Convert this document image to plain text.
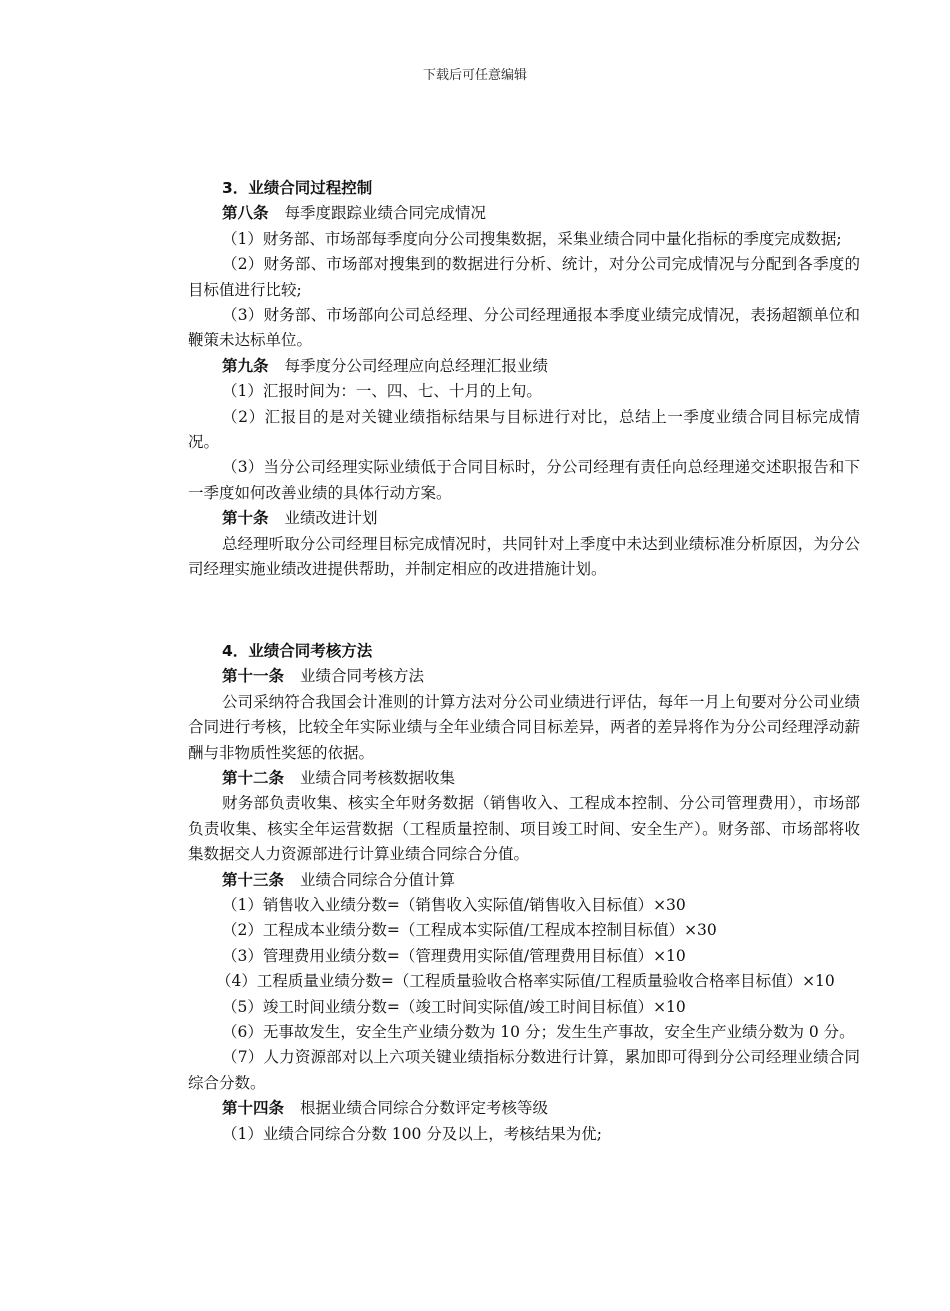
下载后可任意编辑

3．业绩合同过程控制

第八条 每季度跟踪业绩合同完成情况

（1）财务部、市场部每季度向分公司搜集数据，采集业绩合同中量化指标的季度完成数据;

（2）财务部、市场部对搜集到的数据进行分析、统计，对分公司完成情况与分配到各季度的目标值进行比较;

（3）财务部、市场部向公司总经理、分公司经理通报本季度业绩完成情况，表扬超额单位和鞭策未达标单位。

第九条 每季度分公司经理应向总经理汇报业绩

（1）汇报时间为：一、四、七、十月的上旬。

（2）汇报目的是对关键业绩指标结果与目标进行对比，总结上一季度业绩合同目标完成情况。

（3）当分公司经理实际业绩低于合同目标时，分公司经理有责任向总经理递交述职报告和下一季度如何改善业绩的具体行动方案。

第十条 业绩改进计划

总经理听取分公司经理目标完成情况时，共同针对上季度中未达到业绩标准分析原因，为分公司经理实施业绩改进提供帮助，并制定相应的改进措施计划。

4．业绩合同考核方法

第十一条 业绩合同考核方法

公司采纳符合我国会计准则的计算方法对分公司业绩进行评估，每年一月上旬要对分公司业绩合同进行考核，比较全年实际业绩与全年业绩合同目标差异，两者的差异将作为分公司经理浮动薪酬与非物质性奖惩的依据。

第十二条 业绩合同考核数据收集

财务部负责收集、核实全年财务数据（销售收入、工程成本控制、分公司管理费用），市场部负责收集、核实全年运营数据（工程质量控制、项目竣工时间、安全生产）。财务部、市场部将收集数据交人力资源部进行计算业绩合同综合分值。

第十三条 业绩合同综合分值计算

（1）销售收入业绩分数=（销售收入实际值/销售收入目标值）×30

（2）工程成本业绩分数=（工程成本实际值/工程成本控制目标值）×30

（3）管理费用业绩分数=（管理费用实际值/管理费用目标值）×10

（4）工程质量业绩分数=（工程质量验收合格率实际值/工程质量验收合格率目标值）×10

（5）竣工时间业绩分数=（竣工时间实际值/竣工时间目标值）×10

（6）无事故发生，安全生产业绩分数为 10 分；发生生产事故，安全生产业绩分数为 0 分。

（7）人力资源部对以上六项关键业绩指标分数进行计算，累加即可得到分公司经理业绩合同综合分数。

第十四条 根据业绩合同综合分数评定考核等级

（1）业绩合同综合分数 100 分及以上，考核结果为优;
